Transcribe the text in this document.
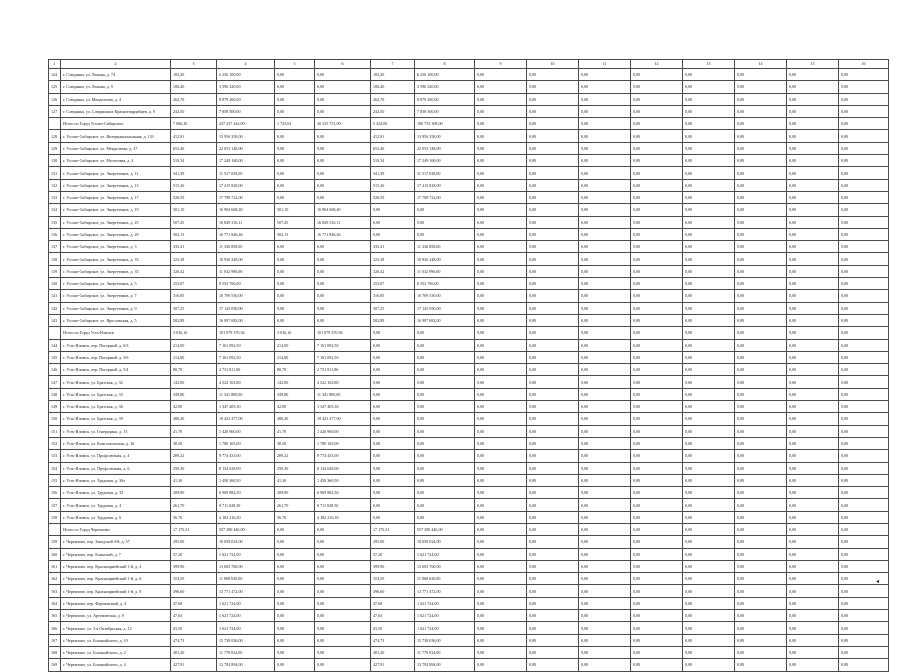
1	2	3	4	5	6	7	8	9	10	11	12	13	14	15	16
124	г. Слюдянка, ул. Ленина, д. 74	184,30	6 256 100,00	0,00	0,00	184,30	6 256 100,00	0,00	0,00	0,00	0,00	0,00	0,00	0,00	0,00
125	г. Слюдянка, ул. Ленина, д. 9	106,40	3 596 320,00	0,00	0,00	106,40	3 596 320,00	0,00	0,00	0,00	0,00	0,00	0,00	0,00	0,00
126	г. Слюдянка, ул. Менделеева, д. 4	262,70	8 879 260,00	0,00	0,00	262,70	8 879 260,00	0,00	0,00	0,00	0,00	0,00	0,00	0,00	0,00
127	г. Слюдянка, ул. Слюдянских Красногвардейцев, д. 9	232,50	7 858 500,00	0,00	0,00	232,50	7 858 500,00	0,00	0,00	0,00	0,00	0,00	0,00	0,00	0,00
	Итого по Город Усолье-Сибирское:	7 006,20	237 237 242,00	1 723,63	30 525 751,00	5 324,00	180 753 308,00	0,00	0,00	0,00	0,00	0,00	0,00	0,00	0,00
128	г. Усолье-Сибирское, ул. Интернациональная, д. 133	412,91	13 956 358,00	0,00	0,00	412,91	13 956 358,00	0,00	0,00	0,00	0,00	0,00	0,00	0,00	0,00
129	г. Усолье-Сибирское, ул. Менделеева, д. 47	652,46	22 053 148,00	0,00	0,00	652,46	22 053 148,00	0,00	0,00	0,00	0,00	0,00	0,00	0,00	0,00
130	г. Усолье-Сибирское, ул. Молотовая, д. 4	510,34	17 249 160,00	0,00	0,00	510,34	17 249 160,00	0,00	0,00	0,00	0,00	0,00	0,00	0,00	0,00
131	г. Усолье-Сибирское, ул. Энергетиков, д. 11	341,39	11 517 038,00	0,00	0,00	341,39	11 517 038,00	0,00	0,00	0,00	0,00	0,00	0,00	0,00	0,00
132	г. Усолье-Сибирское, ул. Энергетиков, д. 13	515,26	17 415 828,00	0,00	0,00	515,26	17 415 828,00	0,00	0,00	0,00	0,00	0,00	0,00	0,00	0,00
133	г. Усолье-Сибирское, ул. Энергетиков, д. 17	526,59	17 798 722,00	0,00	0,00	526,59	17 798 722,00	0,00	0,00	0,00	0,00	0,00	0,00	0,00	0,00
134	г. Усолье-Сибирское, ул. Энергетиков, д. 19	501,10	16 904 668,40	501,10	16 904 668,40	0,00	0,00	0,00	0,00	0,00	0,00	0,00	0,00	0,00	0,00
135	г. Усолье-Сибирское, ул. Энергетиков, д. 25	507,45	16 849 316,11	507,45	16 849 316,11	0,00	0,00	0,00	0,00	0,00	0,00	0,00	0,00	0,00	0,00
136	г. Усолье-Сибирское, ул. Энергетиков, д. 29	502,13	16 771 846,46	502,13	16 771 846,46	0,00	0,00	0,00	0,00	0,00	0,00	0,00	0,00	0,00	0,00
137	г. Усолье-Сибирское, ул. Энергетиков, д. 3	335,41	11 336 858,00	0,00	0,00	335,41	11 336 858,00	0,00	0,00	0,00	0,00	0,00	0,00	0,00	0,00
138	г. Усолье-Сибирское, ул. Энергетиков, д. 33	323,38	10 930 248,00	0,00	0,00	323,38	10 930 248,00	0,00	0,00	0,00	0,00	0,00	0,00	0,00	0,00
139	г. Усолье-Сибирское, ул. Энергетиков, д. 35	326,42	11 032 996,00	0,00	0,00	326,42	11 032 996,00	0,00	0,00	0,00	0,00	0,00	0,00	0,00	0,00
140	г. Усолье-Сибирское, ул. Энергетиков, д. 5	253,07	8 553 766,00	0,00	0,00	253,07	8 553 766,00	0,00	0,00	0,00	0,00	0,00	0,00	0,00	0,00
141	г. Усолье-Сибирское, ул. Энергетиков, д. 7	316,85	10 709 530,00	0,00	0,00	316,85	10 709 530,00	0,00	0,00	0,00	0,00	0,00	0,00	0,00	0,00
142	г. Усолье-Сибирское, ул. Энергетиков, д. 9	507,25	17 145 050,00	0,00	0,00	507,25	17 145 050,00	0,00	0,00	0,00	0,00	0,00	0,00	0,00	0,00
143	г. Усолье-Сибирское, ул. Ярославская, д. 5	502,89	16 997 682,00	0,00	0,00	502,89	16 997 682,00	0,00	0,00	0,00	0,00	0,00	0,00	0,00	0,00
	Итого по Город Усть-Илимск:	3 016,16	101 079 370,36	3 016,16	101 079 370,36	0,00	0,00	0,00	0,00	0,00	0,00	0,00	0,00	0,00	0,00
144	г. Усть-Илимск, пер. Погорный, д. 6/3	214,00	7 161 092,50	214,00	7 161 092,50	0,00	0,00	0,00	0,00	0,00	0,00	0,00	0,00	0,00	0,00
145	г. Усть-Илимск, пер. Погорный, д. 5/6	214,00	7 161 092,50	214,00	7 161 092,50	0,00	0,00	0,00	0,00	0,00	0,00	0,00	0,00	0,00	0,00
146	г. Усть-Илимск, пер. Погорный, д. 5/4	80,70	2 731 811,86	80,70	2 731 811,86	0,00	0,00	0,00	0,00	0,00	0,00	0,00	0,00	0,00	0,00
147	г. Усть-Илимск, ул. Братская, д. 32	142,06	4 522 163,80	142,06	4 522 163,80	0,00	0,00	0,00	0,00	0,00	0,00	0,00	0,00	0,00	0,00
148	г. Усть-Илимск, ул. Братская, д. 33	339,80	11 341 880,00	339,80	11 341 880,00	0,00	0,00	0,00	0,00	0,00	0,00	0,00	0,00	0,00	0,00
149	г. Усть-Илимск, ул. Братская, д. 36	42,00	1 347 405,30	42,00	1 347 405,30	0,00	0,00	0,00	0,00	0,00	0,00	0,00	0,00	0,00	0,00
150	г. Усть-Илимск, ул. Братская, д. 39	480,20	19 423 477,00	480,20	19 423 477,00	0,00	0,00	0,00	0,00	0,00	0,00	0,00	0,00	0,00	0,00
151	г. Усть-Илимск, ул. Генерадина, д. 13	41,70	1 420 960,00	41,70	1 420 960,00	0,00	0,00	0,00	0,00	0,00	0,00	0,00	0,00	0,00	0,00
152	г. Усть-Илимск, ул. Комсомольская, д. 16	38,50	1 780 165,00	38,50	1 780 165,00	0,00	0,00	0,00	0,00	0,00	0,00	0,00	0,00	0,00	0,00
153	г. Усть-Илимск, ул. Профсоюзная, д. 4	289,22	9 774 433,00	289,22	9 774 433,00	0,00	0,00	0,00	0,00	0,00	0,00	0,00	0,00	0,00	0,00
154	г. Усть-Илимск, ул. Профсоюзная, д. 6	250,30	8 134 628,00	250,30	8 134 628,00	0,00	0,00	0,00	0,00	0,00	0,00	0,00	0,00	0,00	0,00
155	г. Усть-Илимск, ул. Трудовая, д. 30а	41,30	1 450 360,50	41,30	1 450 360,50	0,00	0,00	0,00	0,00	0,00	0,00	0,00	0,00	0,00	0,00
156	г. Усть-Илимск, ул. Трудовая, д. 32	209,90	6 969 882,50	209,90	6 969 882,50	0,00	0,00	0,00	0,00	0,00	0,00	0,00	0,00	0,00	0,00
157	г. Усть-Илимск, ул. Трудовая, д. 4	261,70	8 711 028,50	261,70	8 711 028,50	0,00	0,00	0,00	0,00	0,00	0,00	0,00	0,00	0,00	0,00
158	г. Усть-Илимск, ул. Трудовая, д. 6	56,70	4 182 216,30	56,70	4 182 216,30	0,00	0,00	0,00	0,00	0,00	0,00	0,00	0,00	0,00	0,00
	Итого по Город Черемхово:	17 170,31	557 280 446,00	0,00	0,00	17 170,31	557 280 446,00	0,00	0,00	0,00	0,00	0,00	0,00	0,00	0,00
159	г. Черемхово, пер. Заводской 4-й, д. 57	295,00	10 058 024,00	0,00	0,00	295,00	10 058 024,00	0,00	0,00	0,00	0,00	0,00	0,00	0,00	0,00
160	г. Черемхово, пер. Клинский, д. 7	57,20	1 621 724,00	0,00	0,00	57,20	1 621 724,00	0,00	0,00	0,00	0,00	0,00	0,00	0,00	0,00
161	г. Черемхово, пер. Красноармейский 1-й, д. 4	399,96	13 605 760,00	0,00	0,00	399,96	13 605 760,00	0,00	0,00	0,00	0,00	0,00	0,00	0,00	0,00
162	г. Черемхово, пер. Красноармейский 1-й, д. 6	353,50	11 868 630,00	0,00	0,00	353,50	11 868 630,00	0,00	0,00	0,00	0,00	0,00	0,00	0,00	0,00
163	г. Черемхово, пер. Красноармейский 1-й, д. 8	396,60	13 771 472,00	0,00	0,00	396,60	13 771 472,00	0,00	0,00	0,00	0,00	0,00	0,00	0,00	0,00
164	г. Черемхово, пер. Ферментный, д. 4	47,60	1 621 724,00	0,00	0,00	47,60	1 621 724,00	0,00	0,00	0,00	0,00	0,00	0,00	0,00	0,00
165	г. Черемхово, ул. Артемовская, д. 9	47,04	1 621 724,00	0,00	0,00	47,04	1 621 724,00	0,00	0,00	0,00	0,00	0,00	0,00	0,00	0,00
166	г. Черемхово, ул. 3-я Октябрьская, д. 12	43,50	1 621 724,00	0,00	0,00	43,50	1 621 724,00	0,00	0,00	0,00	0,00	0,00	0,00	0,00	0,00
167	г. Черемхово, ул. Болыкайского, д. 10	474,73	15 738 036,00	0,00	0,00	474,73	15 738 036,00	0,00	0,00	0,00	0,00	0,00	0,00	0,00	0,00
168	г. Черемхово, ул. Болыкайского, д. 2	481,30	11 778 034,00	0,00	0,00	481,30	11 778 034,00	0,00	0,00	0,00	0,00	0,00	0,00	0,00	0,00
169	г. Черемхово, ул. Болыкайского, д. 4	427,91	13 794 894,00	0,00	0,00	427,91	13 794 894,00	0,00	0,00	0,00	0,00	0,00	0,00	0,00	0,00
◂
